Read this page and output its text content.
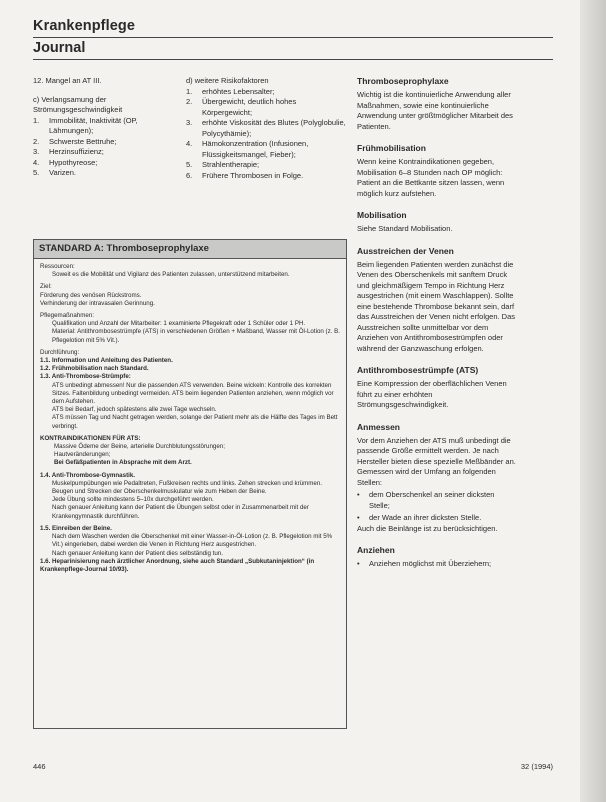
Krankenpflege
Journal
12. Mangel an AT III.
c) Verlangsamung der Strömungsgeschwindigkeit
1.	Immobilität, Inaktivität (OP, Lähmungen);
2.	Schwerste Bettruhe;
3.	Herzinsuffizienz;
4.	Hypothyreose;
5.	Varizen.
d) weitere Risikofaktoren
1.	erhöhtes Lebensalter;
2.	Übergewicht, deutlich hohes Körpergewicht;
3.	erhöhte Viskosität des Blutes (Polyglobulie, Polycythämie);
4.	Hämokonzentration (Infusionen, Flüssigkeitsmangel, Fieber);
5.	Strahlentherapie;
6.	Frühere Thrombosen in Folge.
Thromboseprophylaxe
Wichtig ist die kontinuierliche Anwendung aller Maßnahmen, sowie eine kontinuierliche Anwendung unter größtmöglicher Mitarbeit des Patienten.
Frühmobilisation
Wenn keine Kontraindikationen gegeben, Mobilisation 6–8 Stunden nach OP möglich:
Patient an die Bettkante sitzen lassen, wenn möglich kurz aufstehen.
Mobilisation
Siehe Standard Mobilisation.
Ausstreichen der Venen
Beim liegenden Patienten werden zunächst die Venen des Oberschenkels mit sanftem Druck und gleichmäßigem Tempo in Richtung Herz ausgestrichen (mit einem Waschlappen). Sollte eine bestehende Thrombose bekannt sein, darf das Ausstreichen der Venen nicht erfolgen. Das Ausstreichen sollte unmittelbar vor dem Anziehen von Antithrombosestrümpfen oder während der Ganzwaschung erfolgen.
Antithrombosestrümpfe (ATS)
Eine Kompression der oberflächlichen Venen führt zu einer erhöhten Strömungsgeschwindigkeit.
Anmessen
Vor dem Anziehen der ATS muß unbedingt die passende Größe ermittelt werden. Je nach Hersteller bieten diese spezielle Meßbänder an. Gemessen wird der Umfang an folgenden Stellen:
•	dem Oberschenkel an seiner dicksten Stelle;
•	der Wade an ihrer dicksten Stelle.
Auch die Beinlänge ist zu berücksichtigen.
Anziehen
•	Anziehen möglichst mit Überziehern;
STANDARD A: Thromboseprophylaxe
Ressourcen:
Soweit es die Mobilität und Vigilanz des Patienten zulassen, unterstützend mitarbeiten.
Ziel:
Förderung des venösen Rückstroms.
Verhinderung der intravasalen Gerinnung.
Pflegemaßnahmen:
Qualifikation und Anzahl der Mitarbeiter: 1 examinierte Pflegekraft oder 1 Schüler oder 1 PH.
Material: Antithrombosestrümpfe (ATS) in verschiedenen Größen + Maßband, Wasser mit Öl-Lotion (z. B. Pflegelotion mit 5% Vit.).
Durchführung:
1.1. Information und Anleitung des Patienten.
1.2. Frühmobilisation nach Standard.
1.3. Anti-Thrombose-Strümpfe:
ATS unbedingt abmessen! Nur die passenden ATS verwenden. Beine wickeln: Kontrolle des korrekten Sitzes. Faltenbildung unbedingt vermeiden. ATS beim liegenden Patienten anziehen, wenn möglich vor dem Aufstehen.
ATS bei Bedarf, jedoch spätestens alle zwei Tage wechseln.
ATS müssen Tag und Nacht getragen werden, solange der Patient mehr als die Hälfte des Tages im Bett verbringt.
KONTRAINDIKATIONEN FÜR ATS:
Massive Ödeme der Beine, arterielle Durchblutungsstörungen;
Hautveränderungen;
Bei Gefäßpatienten in Absprache mit dem Arzt.
1.4. Anti-Thrombose-Gymnastik.
Muskelpumpübungen wie Pedaltreten, Fußkreisen rechts und links. Zehen strecken und krümmen. Beugen und Strecken der Oberschenkelmuskulatur wie zum Heben der Beine.
Jede Übung sollte mindestens 5–10x durchgeführt werden.
Nach genauer Anleitung kann der Patient die Übungen selbst oder in Zusammenarbeit mit der Krankengymnastik durchführen.
1.5. Einreiben der Beine.
Nach dem Waschen werden die Oberschenkel mit einer Wasser-in-Öl-Lotion (z. B. Pflegelotion mit 5% Vit.) eingerieben, dabei werden die Venen in Richtung Herz ausgestrichen.
Nach genauer Anleitung kann der Patient dies selbständig tun.
1.6. Heparinisierung nach ärztlicher Anordnung, siehe auch Standard „Subkutaninjektion“ (in Krankenpflege-Journal 10/93).
446	32 (1994)
